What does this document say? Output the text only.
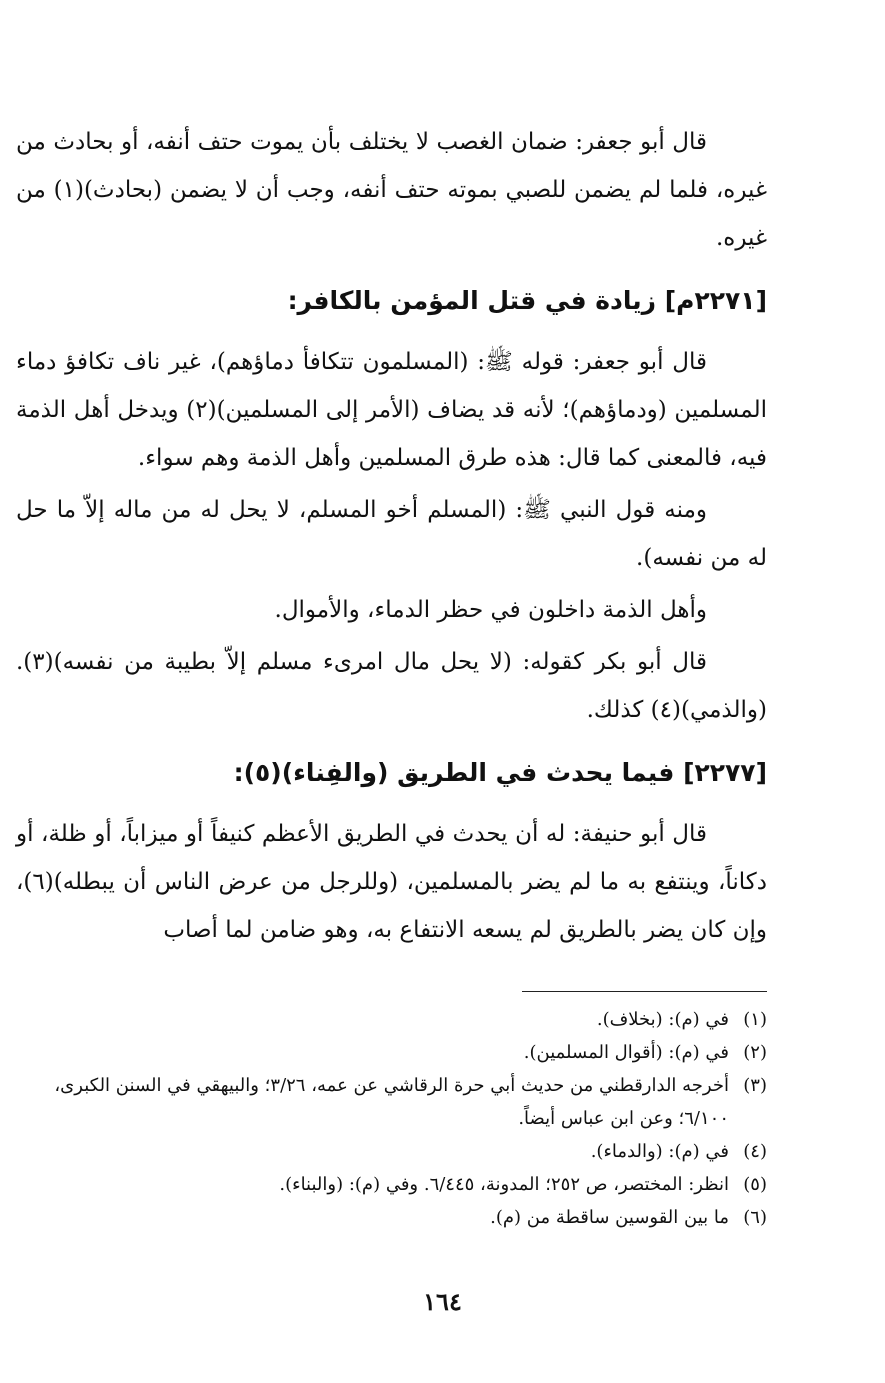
قال أبو جعفر: ضمان الغصب لا يختلف بأن يموت حتف أنفه، أو بحادث من غيره، فلما لم يضمن للصبي بموته حتف أنفه، وجب أن لا يضمن (بحادث)(١) من غيره.

[٢٢٧١م] زيادة في قتل المؤمن بالكافر:

قال أبو جعفر: قوله ﷺ: (المسلمون تتكافأ دماؤهم)، غير ناف تكافؤ دماء المسلمين (ودماؤهم)؛ لأنه قد يضاف (الأمر إلى المسلمين)(٢) ويدخل أهل الذمة فيه، فالمعنى كما قال: هذه طرق المسلمين وأهل الذمة وهم سواء.

ومنه قول النبي ﷺ: (المسلم أخو المسلم، لا يحل له من ماله إلاّ ما حل له من نفسه).

وأهل الذمة داخلون في حظر الدماء، والأموال.

قال أبو بكر كقوله: (لا يحل مال امرىء مسلم إلاّ بطيبة من نفسه)(٣). (والذمي)(٤) كذلك.

[٢٢٧٧] فيما يحدث في الطريق (والفِناء)(٥):

قال أبو حنيفة: له أن يحدث في الطريق الأعظم كنيفاً أو ميزاباً، أو ظلة، أو دكاناً، وينتفع به ما لم يضر بالمسلمين، (وللرجل من عرض الناس أن يبطله)(٦)، وإن كان يضر بالطريق لم يسعه الانتفاع به، وهو ضامن لما أصاب

(١)
في (م): (بخلاف).
(٢)
في (م): (أقوال المسلمين).
(٣)
أخرجه الدارقطني من حديث أبي حرة الرقاشي عن عمه، ٣/٢٦؛ والبيهقي في السنن الكبرى، ٦/١٠٠؛ وعن ابن عباس أيضاً.
(٤)
في (م): (والدماء).
(٥)
انظر: المختصر، ص ٢٥٢؛ المدونة، ٦/٤٤٥. وفي (م): (والبناء).
(٦)
ما بين القوسين ساقطة من (م).
١٦٤
